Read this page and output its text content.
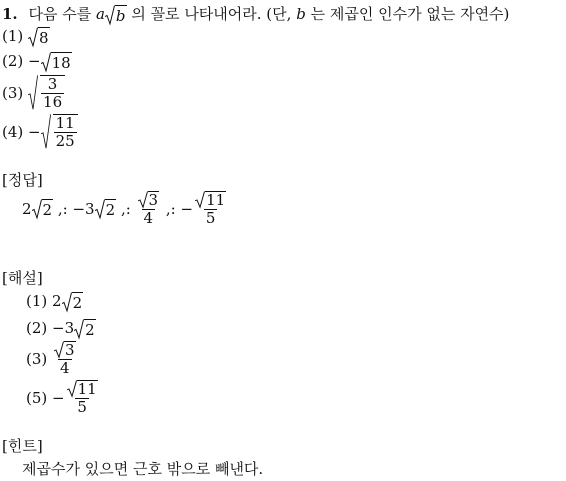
1. 다음 수를 a b 의 꼴로 나타내어라. (단, b 는 제곱인 인수가 없는 자연수)
(1) 8
(2) − 18
$(3) \frac{3}{16}$
$(4) - \frac{11}{25}$
[정답]
2 2 ,: −3 2 ,: $\frac{3}{4}$ ,: − $\frac{11}{5}$
[해설]
(1) 2 2
(2) −3 2
$(3) \frac{3}{4}$
$(5) - \frac{11}{5}$
[힌트]
제곱수가 있으면 근호 밖으로 빼낸다.
